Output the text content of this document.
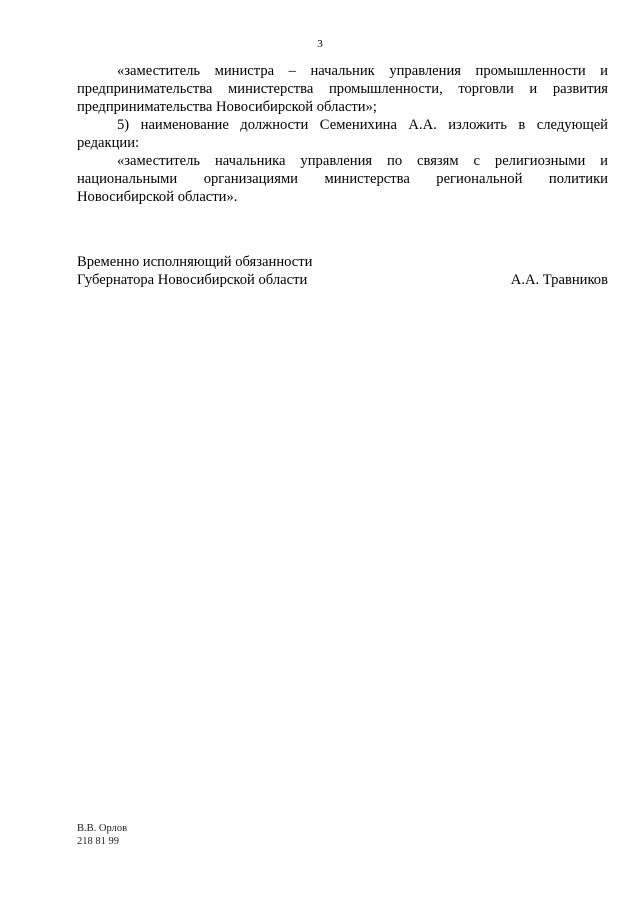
3

«заместитель министра – начальник управления промышленности и предпринимательства министерства промышленности, торговли и развития предпринимательства Новосибирской области»;

5) наименование должности Семенихина А.А. изложить в следующей редакции:

«заместитель начальника управления по связям с религиозными и национальными организациями министерства региональной политики Новосибирской области».

Временно исполняющий обязанности
Губернатора Новосибирской области	А.А. Травников
В.В. Орлов
218 81 99
